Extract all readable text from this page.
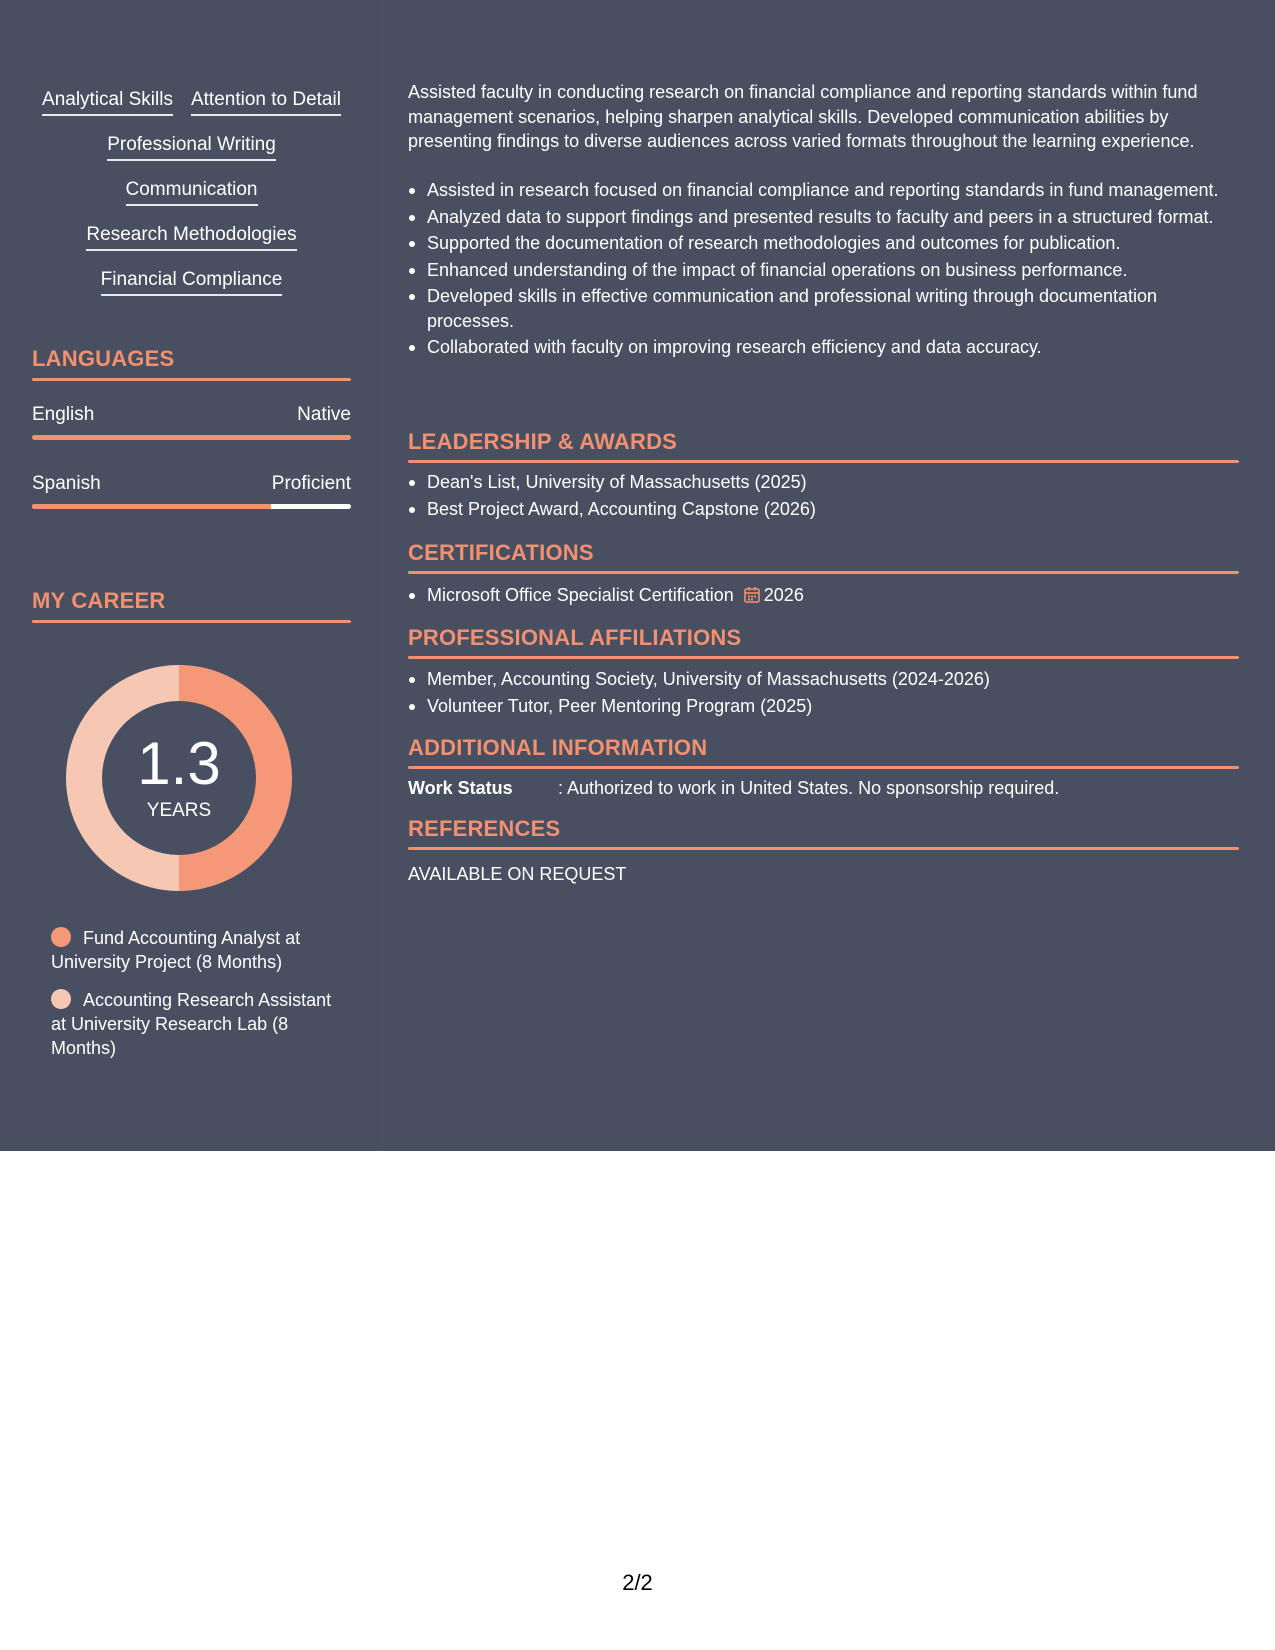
Analytical Skills Attention to Detail
Professional Writing
Communication
Research Methodologies
Financial Compliance
LANGUAGES
English	Native
Spanish	Proficient
MY CAREER
1.3
YEARS
Fund Accounting Analyst at University Project (8 Months)
Accounting Research Assistant at University Research Lab (8 Months)

Assisted faculty in conducting research on financial compliance and reporting standards within fund management scenarios, helping sharpen analytical skills. Developed communication abilities by presenting findings to diverse audiences across varied formats throughout the learning experience.

Assisted in research focused on financial compliance and reporting standards in fund management.
Analyzed data to support findings and presented results to faculty and peers in a structured format.
Supported the documentation of research methodologies and outcomes for publication.
Enhanced understanding of the impact of financial operations on business performance.
Developed skills in effective communication and professional writing through documentation processes.
Collaborated with faculty on improving research efficiency and data accuracy.
LEADERSHIP & AWARDS
Dean's List, University of Massachusetts (2025)
Best Project Award, Accounting Capstone (2026)
CERTIFICATIONS
Microsoft Office Specialist Certification 2026
PROFESSIONAL AFFILIATIONS
Member, Accounting Society, University of Massachusetts (2024-2026)
Volunteer Tutor, Peer Mentoring Program (2025)
ADDITIONAL INFORMATION
Work Status	: Authorized to work in United States. No sponsorship required.
REFERENCES
AVAILABLE ON REQUEST
2/2
